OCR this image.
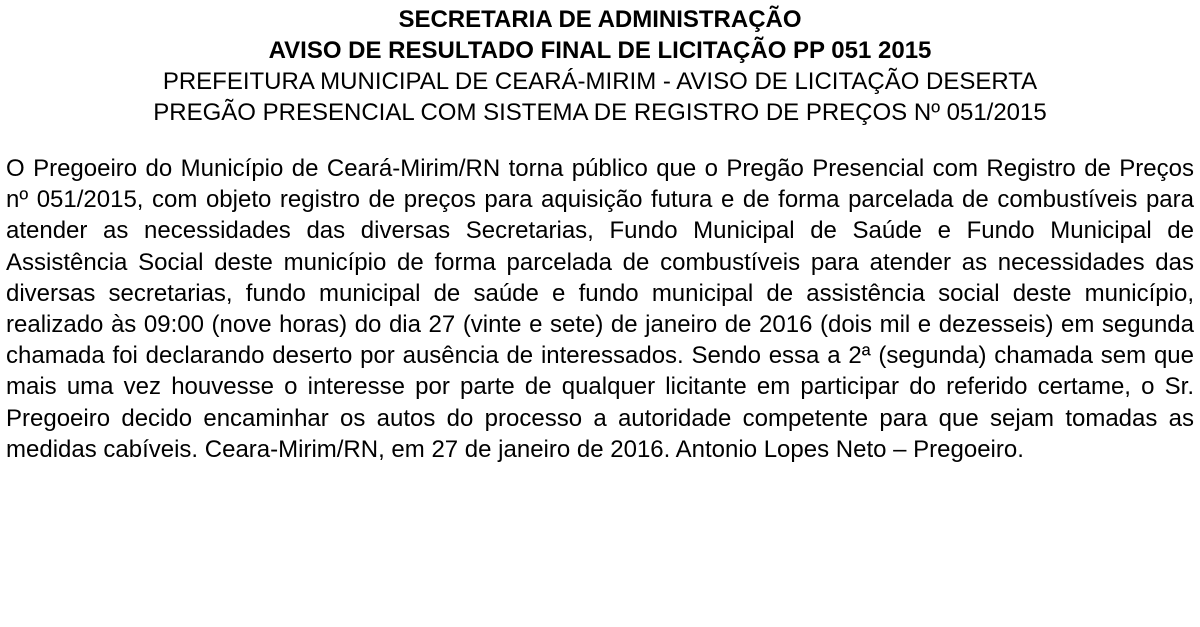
SECRETARIA DE ADMINISTRAÇÃO
AVISO DE RESULTADO FINAL DE LICITAÇÃO PP 051 2015
PREFEITURA MUNICIPAL DE CEARÁ-MIRIM - AVISO DE LICITAÇÃO DESERTA
PREGÃO PRESENCIAL COM SISTEMA DE REGISTRO DE PREÇOS Nº 051/2015

O Pregoeiro do Município de Ceará-Mirim/RN torna público que o Pregão Presencial com Registro de Preços nº 051/2015, com objeto registro de preços para aquisição futura e de forma parcelada de combustíveis para atender as necessidades das diversas Secretarias, Fundo Municipal de Saúde e Fundo Municipal de Assistência Social deste município de forma parcelada de combustíveis para atender as necessidades das diversas secretarias, fundo municipal de saúde e fundo municipal de assistência social deste município, realizado às 09:00 (nove horas) do dia 27 (vinte e sete) de janeiro de 2016 (dois mil e dezesseis) em segunda chamada foi declarando deserto por ausência de interessados. Sendo essa a 2ª (segunda) chamada sem que mais uma vez houvesse o interesse por parte de qualquer licitante em participar do referido certame, o Sr. Pregoeiro decido encaminhar os autos do processo a autoridade competente para que sejam tomadas as medidas cabíveis. Ceara-Mirim/RN, em 27 de janeiro de 2016. Antonio Lopes Neto – Pregoeiro.
